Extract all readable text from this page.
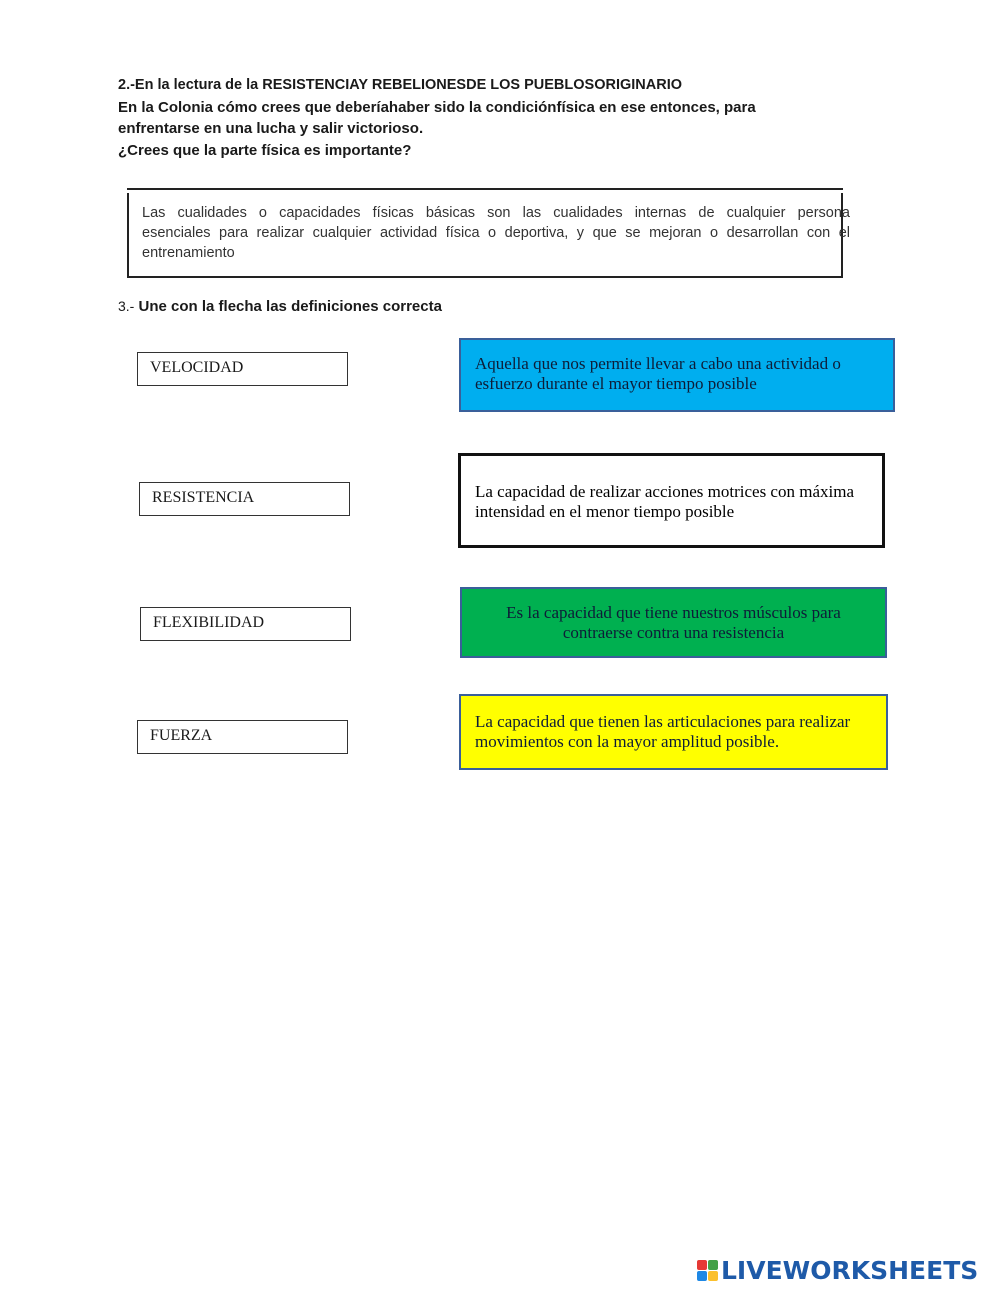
2.-En la lectura de la RESISTENCIAY REBELIONESDE LOS PUEBLOSORIGINARIO
En la Colonia cómo crees que deberíahaber sido la condiciónfísica en ese entonces, para
enfrentarse en una lucha y salir victorioso.
¿Crees que la parte física es importante?
Las cualidades o capacidades físicas básicas son las cualidades internas de cualquier persona esenciales para realizar cualquier actividad física o deportiva, y que se mejoran o desarrollan con el entrenamiento
3.- Une con la flecha las definiciones correcta
VELOCIDAD
RESISTENCIA
FLEXIBILIDAD
FUERZA
Aquella que nos permite llevar a cabo una actividad o esfuerzo durante el mayor tiempo posible
La capacidad de realizar acciones motrices con máxima intensidad en el menor tiempo posible
Es la capacidad que tiene nuestros músculos para contraerse contra una resistencia
La capacidad que tienen las articulaciones para realizar movimientos con la mayor amplitud posible.
LIVEWORKSHEETS
